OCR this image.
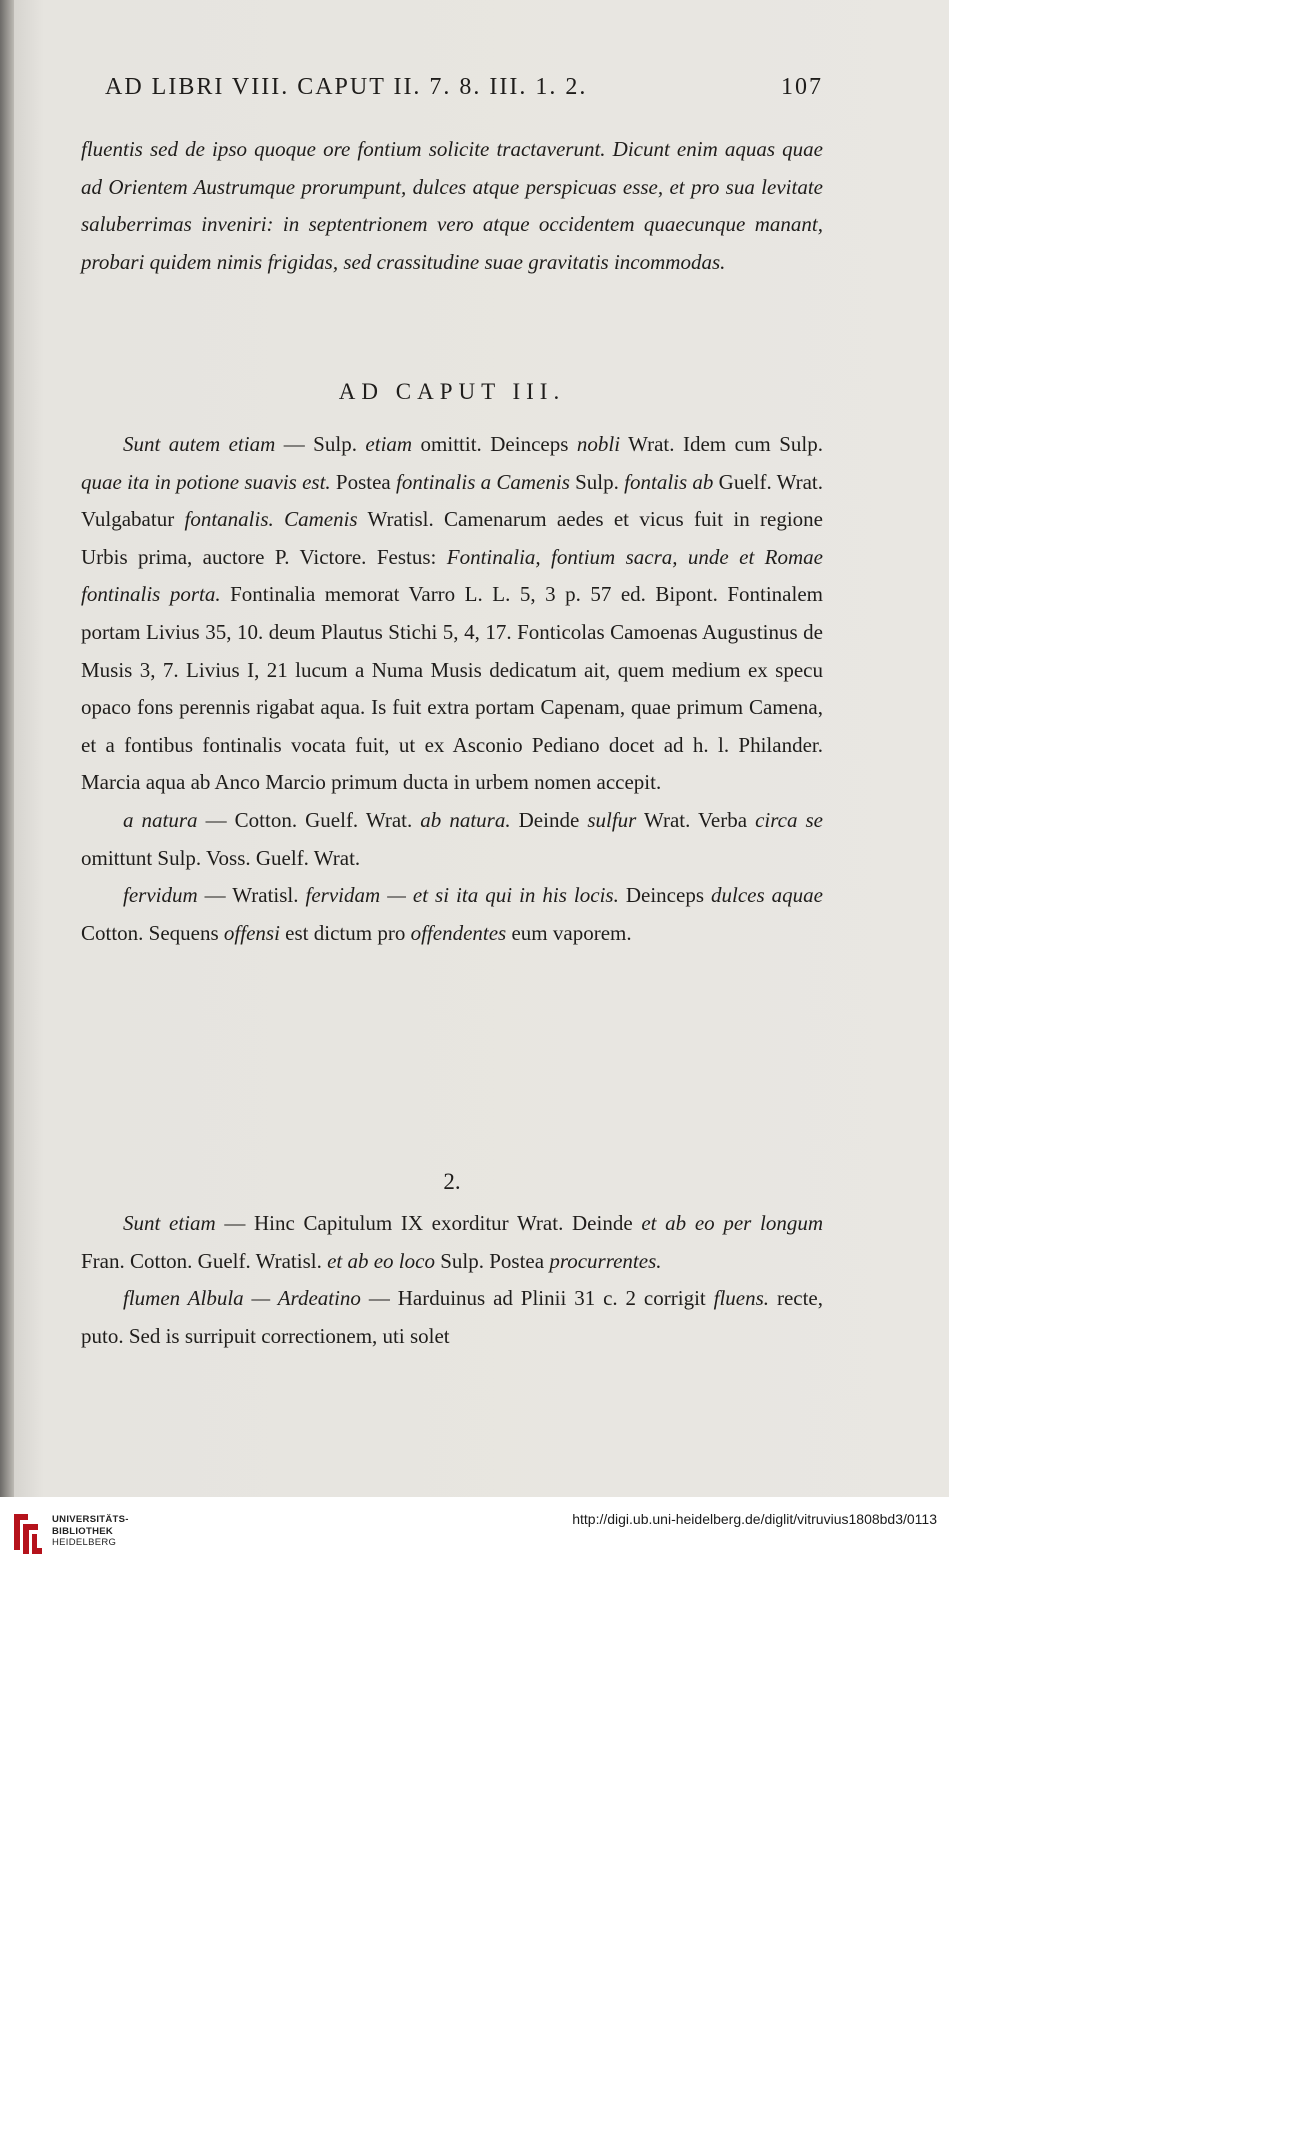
AD LIBRI VIII. CAPUT II. 7. 8. III. 1. 2.	107

fluentis sed de ipso quoque ore fontium solicite tractaverunt. Dicunt enim aquas quae ad Orientem Austrumque prorumpunt, dulces atque perspicuas esse, et pro sua levitate saluberrimas inveniri: in septentrionem vero atque occidentem quaecunque manant, probari quidem nimis frigidas, sed crassitudine suae gravitatis incommodas.

AD CAPUT III.

Sunt autem etiam — Sulp. etiam omittit. Deinceps nobli Wrat. Idem cum Sulp. quae ita in potione suavis est. Postea fontinalis a Camenis Sulp. fontalis ab Guelf. Wrat. Vulgabatur fontanalis. Camenis Wratisl. Camenarum aedes et vicus fuit in regione Urbis prima, auctore P. Victore. Festus: Fontinalia, fontium sacra, unde et Romae fontinalis porta. Fontinalia memorat Varro L. L. 5, 3 p. 57 ed. Bipont. Fontinalem portam Livius 35, 10. deum Plautus Stichi 5, 4, 17. Fonticolas Camoenas Augustinus de Musis 3, 7. Livius I, 21 lucum a Numa Musis dedicatum ait, quem medium ex specu opaco fons perennis rigabat aqua. Is fuit extra portam Capenam, quae primum Camena, et a fontibus fontinalis vocata fuit, ut ex Asconio Pediano docet ad h. l. Philander. Marcia aqua ab Anco Marcio primum ducta in urbem nomen accepit.

a natura — Cotton. Guelf. Wrat. ab natura. Deinde sulfur Wrat. Verba circa se omittunt Sulp. Voss. Guelf. Wrat.

fervidum — Wratisl. fervidam — et si ita qui in his locis. Deinceps dulces aquae Cotton. Sequens offensi est dictum pro offendentes eum vaporem.

2.

Sunt etiam — Hinc Capitulum IX exorditur Wrat. Deinde et ab eo per longum Fran. Cotton. Guelf. Wratisl. et ab eo loco Sulp. Postea procurrentes.

flumen Albula — Ardeatino — Harduinus ad Plinii 31 c. 2 corrigit fluens. recte, puto. Sed is surripuit correctionem, uti solet

UNIVERSITÄTS-
BIBLIOTHEK
HEIDELBERG
http://digi.ub.uni-heidelberg.de/diglit/vitruvius1808bd3/0113
